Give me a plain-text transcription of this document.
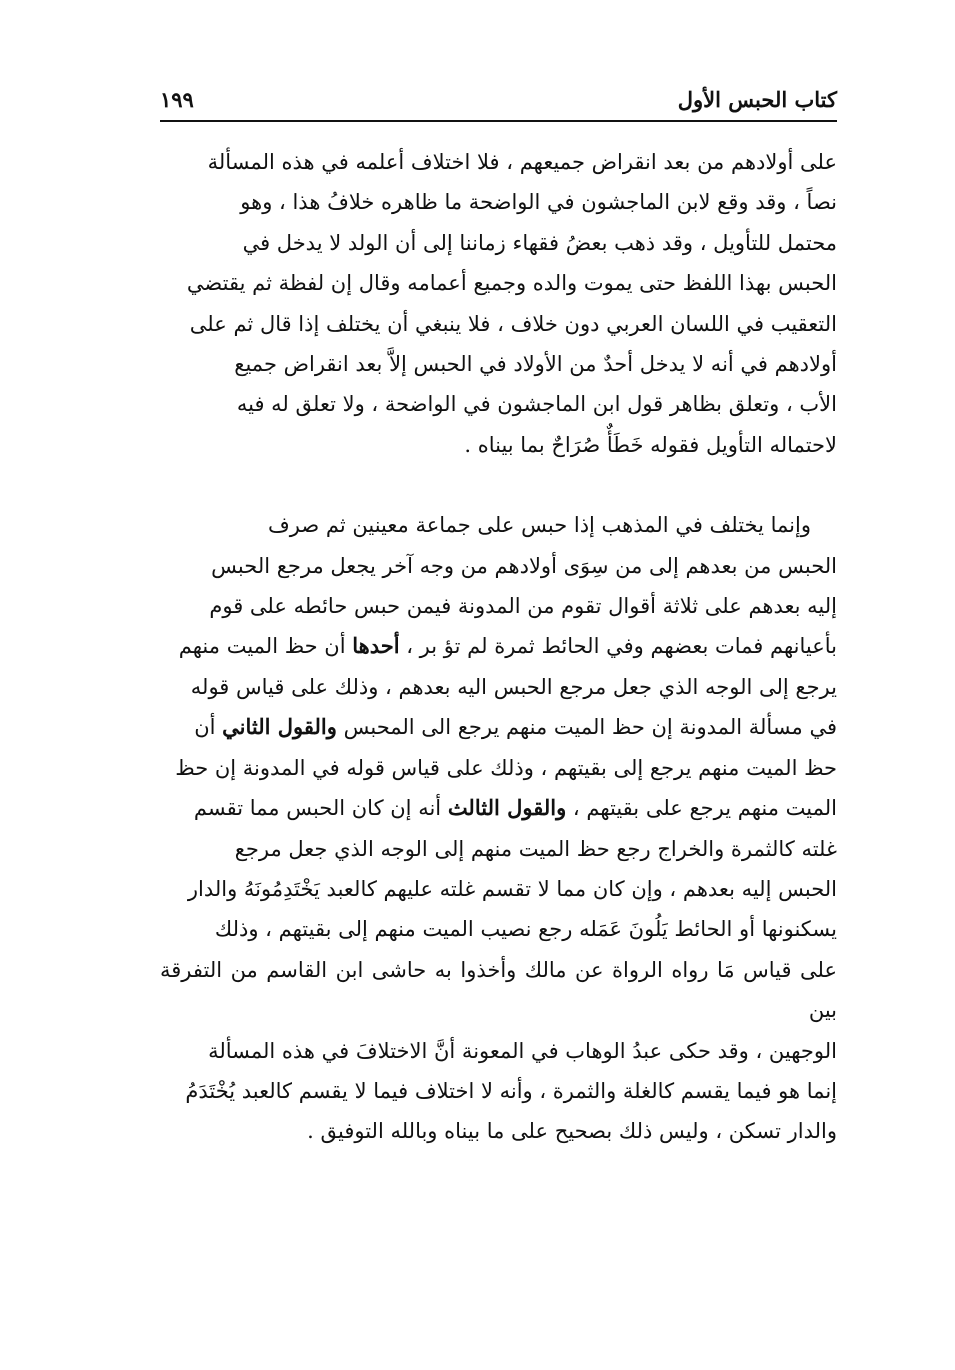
كتاب الحبس الأول
١٩٩

على أولادهم من بعد انقراض جميعهم ، فلا اختلاف أعلمه في هذه المسألة

نصاً ، وقد وقع لابن الماجشون في الواضحة ما ظاهره خلافُ هذا ، وهو

محتمل للتأويل ، وقد ذهب بعضُ فقهاء زماننا إلى أن الولد لا يدخل في

الحبس بهذا اللفظ حتى يموت والده وجميع أعمامه وقال إن لفظة ثم يقتضي

التعقيب في اللسان العربي دون خلاف ، فلا ينبغي أن يختلف إذا قال ثم على

أولادهم في أنه لا يدخل أحدٌ من الأولاد في الحبس إلاَّ بعد انقراض جميع

الأب ، وتعلق بظاهر قول ابن الماجشون في الواضحة ، ولا تعلق له فيه

لاحتماله التأويل فقوله خَطَأٌ صُرَاحٌ بما بيناه .

وإنما يختلف في المذهب إذا حبس على جماعة معينين ثم صرف

الحبس من بعدهم إلى من سِوَى أولادهم من وجه آخر يجعل مرجع الحبس

إليه بعدهم على ثلاثة أقوال تقوم من المدونة فيمن حبس حائطه على قوم

بأعيانهم فمات بعضهم وفي الحائط ثمرة لم تؤ بر ، أحدها أن حظ الميت منهم

يرجع إلى الوجه الذي جعل مرجع الحبس اليه بعدهم ، وذلك على قياس قوله

في مسألة المدونة إن حظ الميت منهم يرجع الى المحبس والقول الثاني أن

حظ الميت منهم يرجع إلى بقيتهم ، وذلك على قياس قوله في المدونة إن حظ

الميت منهم يرجع على بقيتهم ، والقول الثالث أنه إن كان الحبس مما تقسم

غلته كالثمرة والخراج رجع حظ الميت منهم إلى الوجه الذي جعل مرجع

الحبس إليه بعدهم ، وإن كان مما لا تقسم غلته عليهم كالعبد يَخْتَدِمُونَهُ والدار

يسكنونها أو الحائط يَلُونَ عَمَله رجع نصيب الميت منهم إلى بقيتهم ، وذلك

على قياس مَا رواه الرواة عن مالك وأخذوا به حاشى ابن القاسم من التفرقة بين

الوجهين ، وقد حكى عبدُ الوهاب في المعونة أنَّ الاختلافَ في هذه المسألة

إنما هو فيما يقسم كالغلة والثمرة ، وأنه لا اختلاف فيما لا يقسم كالعبد يُخْتَدَمُ

والدار تسكن ، وليس ذلك بصحيح على ما بيناه وبالله التوفيق .
